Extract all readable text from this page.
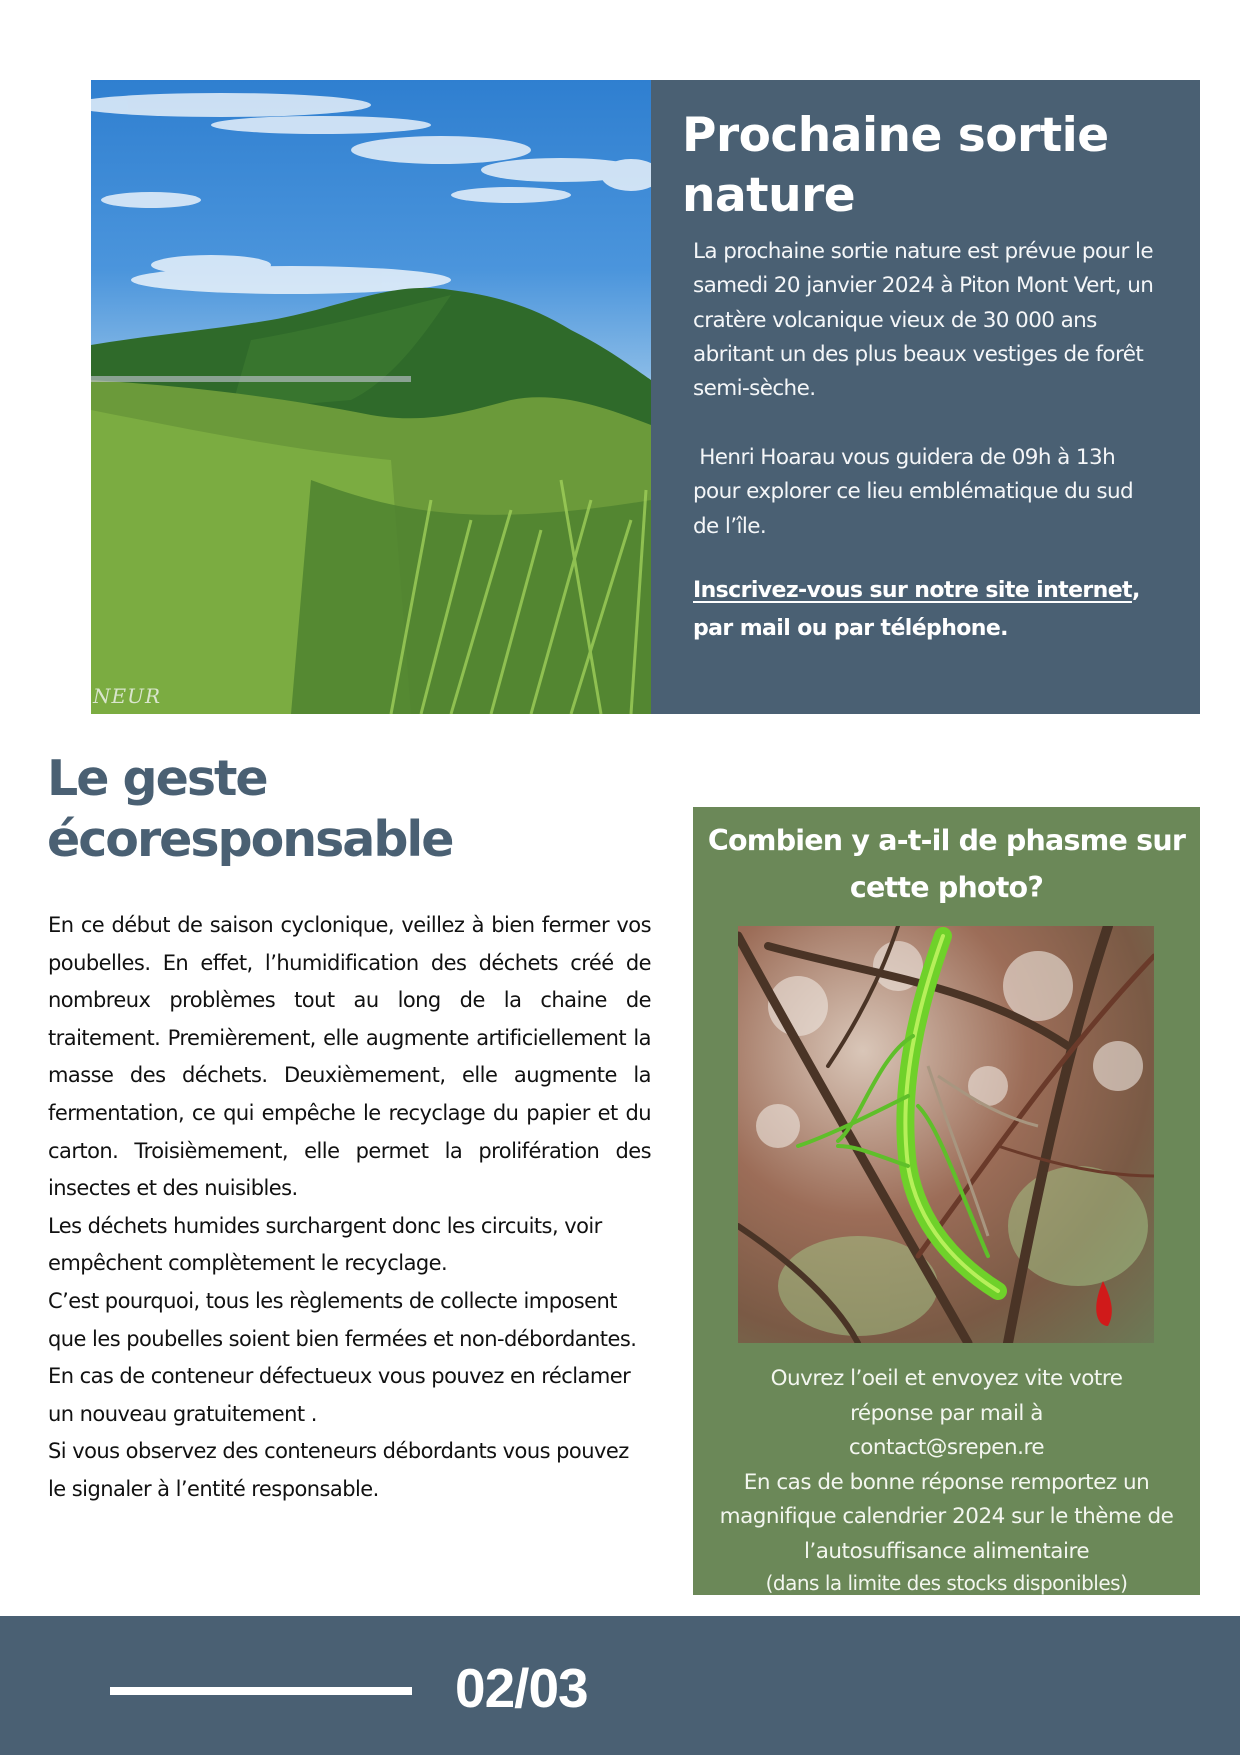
NEUR
Prochaine sortie nature
La prochaine sortie nature est prévue pour le samedi 20 janvier 2024 à Piton Mont Vert, un cratère volcanique vieux de 30 000 ans abritant un des plus beaux vestiges de forêt semi-sèche.
Henri Hoarau vous guidera de 09h à 13h pour explorer ce lieu emblématique du sud de l’île.
Inscrivez-vous sur notre site internet, par mail ou par téléphone.
Le geste
écoresponsable
En ce début de saison cyclonique, veillez à bien fermer vos poubelles. En effet, l’humidification des déchets créé de nombreux problèmes tout au long de la chaine de traitement. Premièrement, elle augmente artificiellement la masse des déchets. Deuxièmement, elle augmente la fermentation, ce qui empêche le recyclage du papier et du carton. Troisièmement, elle permet la prolifération des insectes et des nuisibles.
Les déchets humides surchargent donc les circuits, voir empêchent complètement le recyclage.
C’est pourquoi, tous les règlements de collecte imposent que les poubelles soient bien fermées et non-débordantes.
En cas de conteneur défectueux vous pouvez en réclamer un nouveau gratuitement .
Si vous observez des conteneurs débordants vous pouvez le signaler à l’entité responsable.
Combien y a-t-il de phasme sur cette photo?
Ouvrez l’oeil et envoyez vite votre réponse par mail à
contact@srepen.re
En cas de bonne réponse remportez un magnifique calendrier 2024 sur le thème de l’autosuffisance alimentaire
(dans la limite des stocks disponibles)
02/03
